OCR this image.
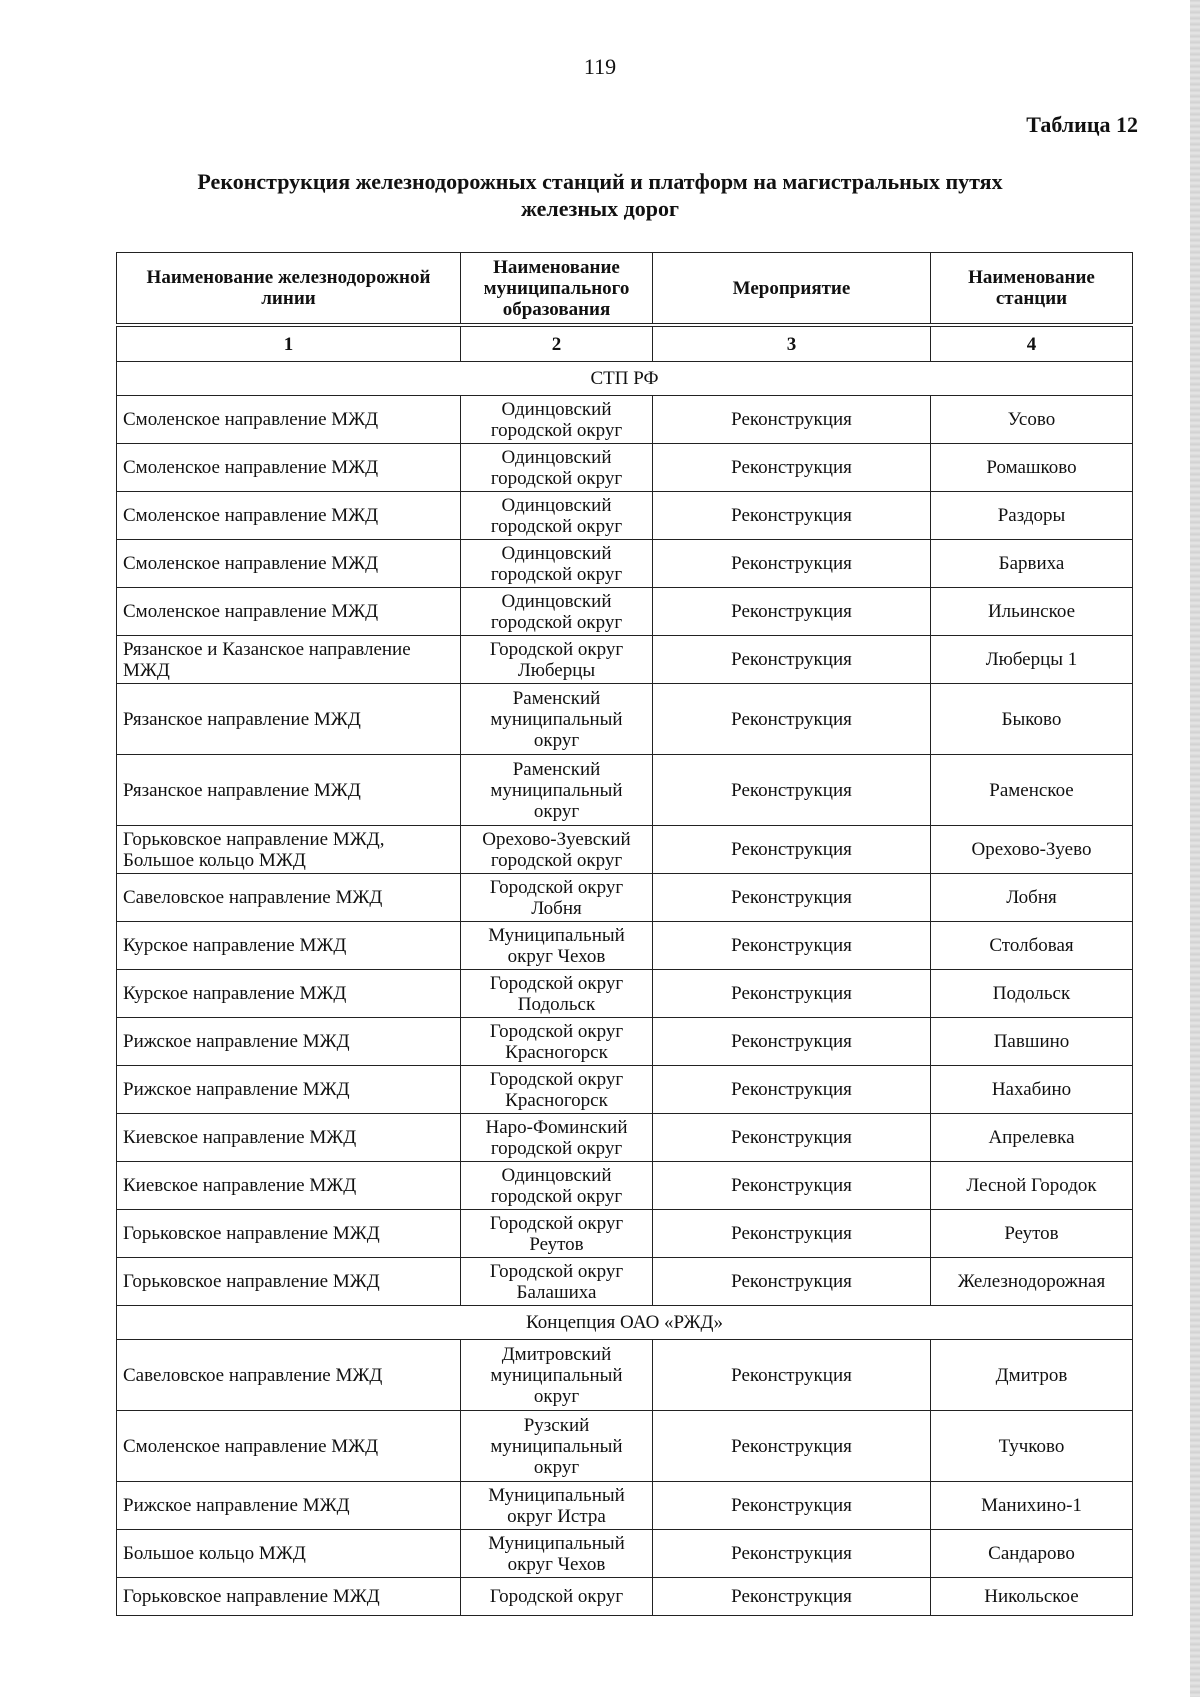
119
Таблица 12
Реконструкция железнодорожных станций и платформ на магистральных путях
железных дорог
Наименование железнодорожной линии	Наименование муниципального образования	Мероприятие	Наименование станции
1	2	3	4
СТП РФ			
Смоленское направление МЖД	Одинцовский городской округ	Реконструкция	Усово
Смоленское направление МЖД	Одинцовский городской округ	Реконструкция	Ромашково
Смоленское направление МЖД	Одинцовский городской округ	Реконструкция	Раздоры
Смоленское направление МЖД	Одинцовский городской округ	Реконструкция	Барвиха
Смоленское направление МЖД	Одинцовский городской округ	Реконструкция	Ильинское
Рязанское и Казанское направление МЖД	Городской округ Люберцы	Реконструкция	Люберцы 1
Рязанское направление МЖД	Раменский муниципальный округ	Реконструкция	Быково
Рязанское направление МЖД	Раменский муниципальный округ	Реконструкция	Раменское
Горьковское направление МЖД, Большое кольцо МЖД	Орехово-Зуевский городской округ	Реконструкция	Орехово-Зуево
Савеловское направление МЖД	Городской округ Лобня	Реконструкция	Лобня
Курское направление МЖД	Муниципальный округ Чехов	Реконструкция	Столбовая
Курское направление МЖД	Городской округ Подольск	Реконструкция	Подольск
Рижское направление МЖД	Городской округ Красногорск	Реконструкция	Павшино
Рижское направление МЖД	Городской округ Красногорск	Реконструкция	Нахабино
Киевское направление МЖД	Наро-Фоминский городской округ	Реконструкция	Апрелевка
Киевское направление МЖД	Одинцовский городской округ	Реконструкция	Лесной Городок
Горьковское направление МЖД	Городской округ Реутов	Реконструкция	Реутов
Горьковское направление МЖД	Городской округ Балашиха	Реконструкция	Железнодорожная
Концепция ОАО «РЖД»			
Савеловское направление МЖД	Дмитровский муниципальный округ	Реконструкция	Дмитров
Смоленское направление МЖД	Рузский муниципальный округ	Реконструкция	Тучково
Рижское направление МЖД	Муниципальный округ Истра	Реконструкция	Манихино-1
Большое кольцо МЖД	Муниципальный округ Чехов	Реконструкция	Сандарово
Горьковское направление МЖД	Городской округ	Реконструкция	Никольское
